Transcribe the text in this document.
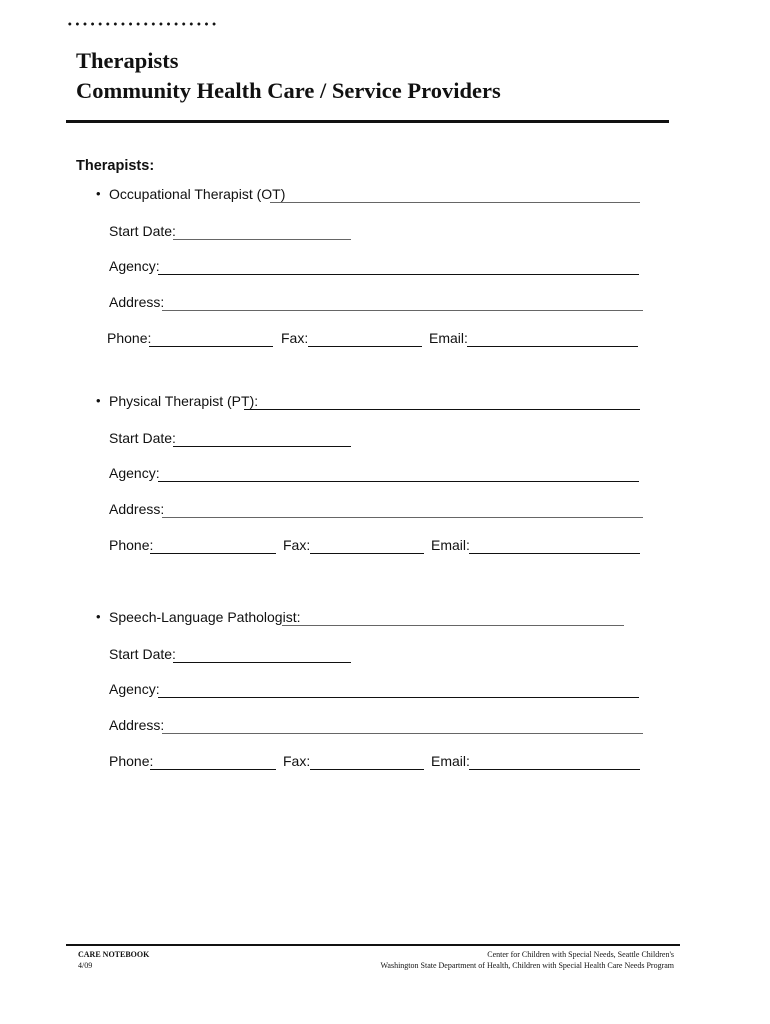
Therapists
Community Health Care / Service Providers
Therapists:
• Occupational Therapist (OT)
Start Date:
Agency:
Address:
Phone:	Fax:	Email:
• Physical Therapist (PT):
Start Date:
Agency:
Address:
Phone:	Fax:	Email:
• Speech-Language Pathologist:
Start Date:
Agency:
Address:
Phone:	Fax:	Email:
CARE NOTEBOOK
4/09
Center for Children with Special Needs, Seattle Children's
Washington State Department of Health, Children with Special Health Care Needs Program
